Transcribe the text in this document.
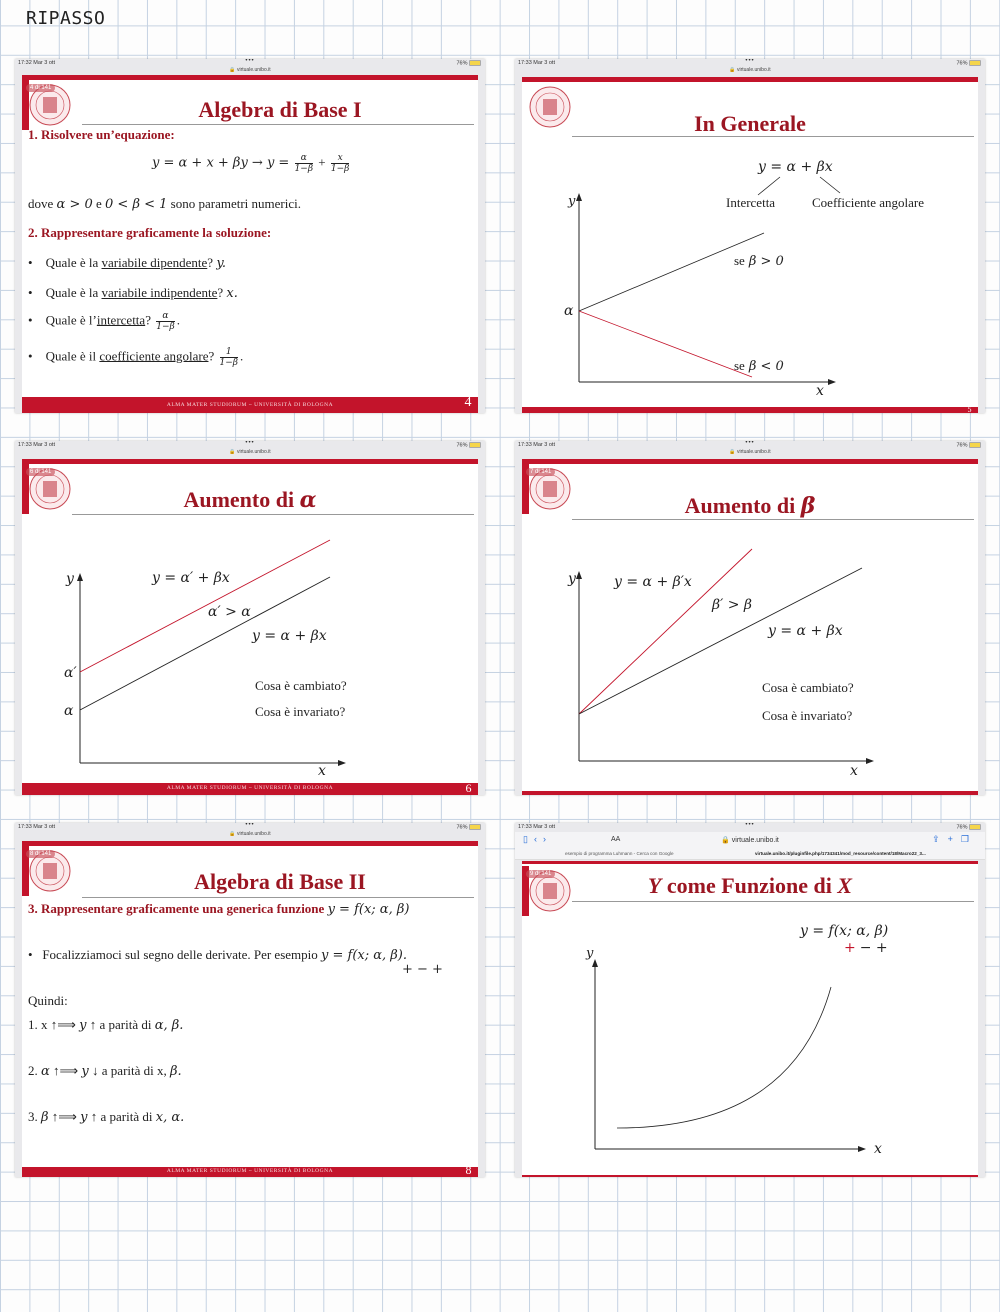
RIPASSO
17:32 Mar 3 ott	•••	76%
🔒 virtuale.unibo.it
4 di 141
Algebra di Base I
1. Risolvere un’equazione:
$y = \alpha + x + \beta y \to y = \frac{\alpha}{1-\beta} + \frac{x}{1-\beta}$
dove α > 0 e 0 < β < 1 sono parametri numerici.
2. Rappresentare graficamente la soluzione:
• Quale è la variabile dipendente? y.
• Quale è la variabile indipendente? x.
• Quale è l’intercetta? $\frac{\alpha}{1-\beta}$ .
• Quale è il coefficiente angolare? $\frac{1}{1-\beta}$ .
ALMA MATER STUDIORUM ~ UNIVERSITÀ DI BOLOGNA	4
17:33 Mar 3 ott	•••	76%
🔒 virtuale.unibo.it
In Generale
y = α + βx
Intercetta	Coefficiente angolare
y
x
α
se β > 0
se β < 0
5
17:33 Mar 3 ott	•••	76%
🔒 virtuale.unibo.it
6 di 141
Aumento di α
y
x
y = α′ + βx
α′ > α
y = α + βx
α′
α
Cosa è cambiato?
Cosa è invariato?
ALMA MATER STUDIORUM ~ UNIVERSITÀ DI BOLOGNA	6
17:33 Mar 3 ott	•••	76%
🔒 virtuale.unibo.it
7 di 141
Aumento di β
y
x
y = α + β′x
β′ > β
y = α + βx
Cosa è cambiato?
Cosa è invariato?
17:33 Mar 3 ott	•••	76%
🔒 virtuale.unibo.it
8 di 141
Algebra di Base II
3. Rappresentare graficamente una generica funzione y = f(x; α, β)
• Focalizziamoci sul segno delle derivate. Per esempio y = f(x; α, β).
+ − +
Quindi:
1. x ↑⟹ y ↑ a parità di α, β.
2. α ↑⟹ y ↓ a parità di x, β.
3. β ↑⟹ y ↑ a parità di x, α.
ALMA MATER STUDIORUM ~ UNIVERSITÀ DI BOLOGNA	8
17:33 Mar 3 ott	•••	76%
▯‹›	AA	🔒 virtuale.unibo.it	⇪+❐
esempio di programma Luhmann - Cerca con Google	virtuale.unibo.it/pluginfile.php/1734341/mod_resource/content/18/Macro22_3...
9 di 141	Y come Funzione di X
y = f(x; α, β)
+ − +
y
x
